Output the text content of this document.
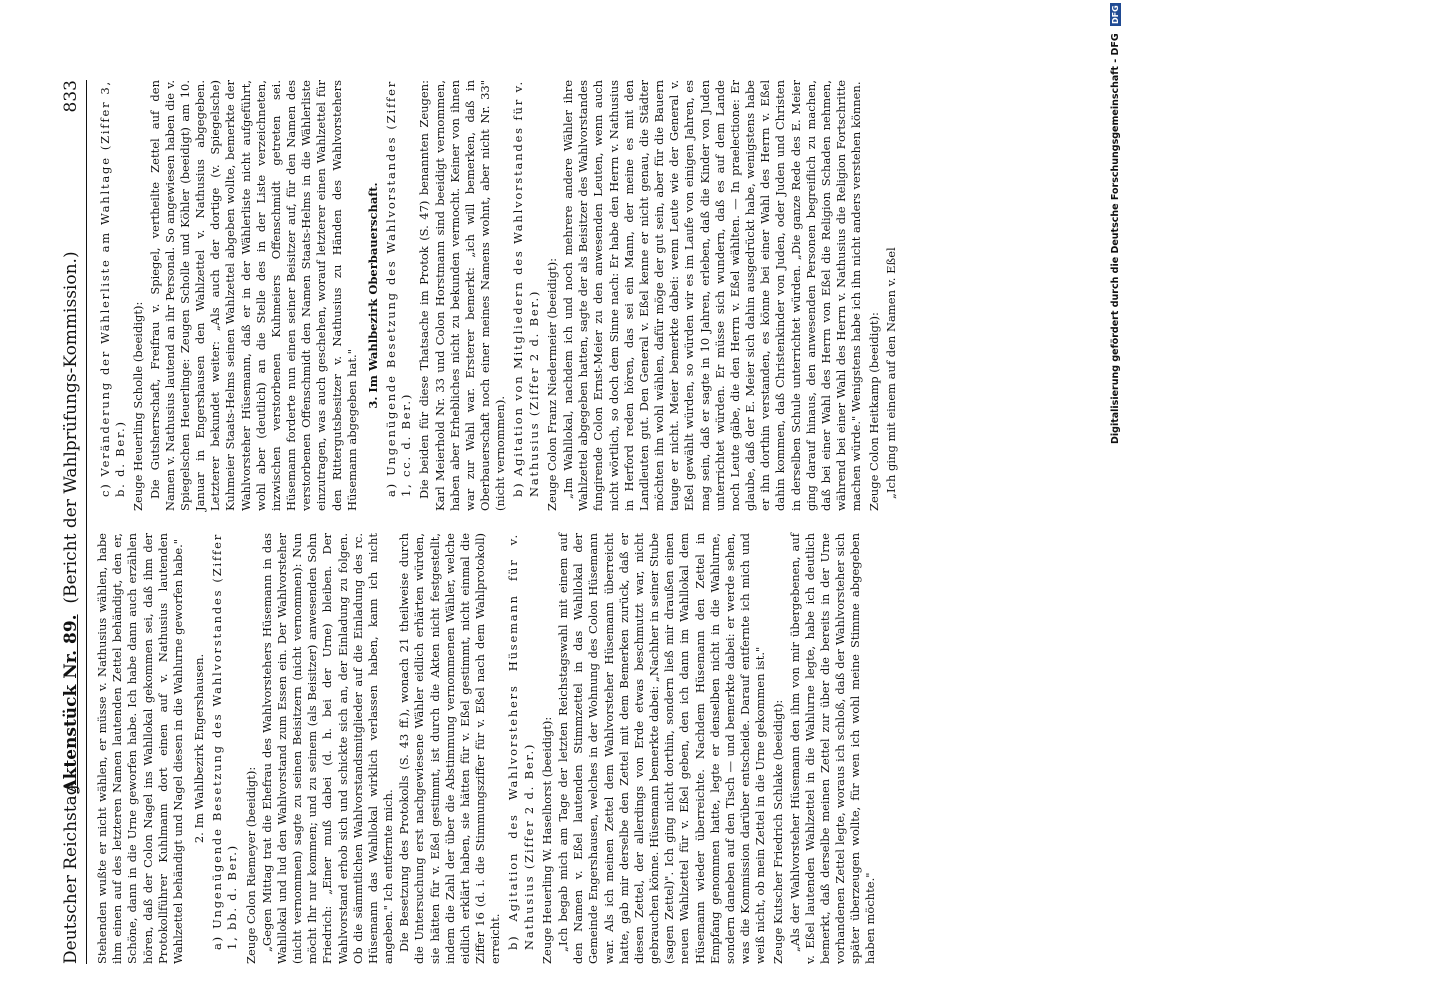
Deutscher Reichstag.
Aktenstück Nr. 89.  (Bericht der Wahlprüfungs-Kommission.)
833

Stehenden wußte er nicht wählen, er müsse v. Nathusius wählen, habe ihm einen auf des letzteren Namen lautenden Zettel behändigt, den er, Schöne, dann in die Urne geworfen habe. Ich habe dann auch erzählen hören, daß der Colon Nagel ins Wahllokal gekommen sei, daß ihm der Protokollführer Kuhlmann dort einen auf v. Nathusius lautenden Wahlzettel behändigt und Nagel diesen in die Wahlurne geworfen habe." 2. Im Wahlbezirk Engershausen. a) Ungenügende Besetzung des Wahlvorstandes (Ziffer 1, bb. d. Ber.) Zeuge Colon Riemeyer (beeidigt): „Gegen Mittag trat die Ehefrau des Wahlvorstehers Hüsemann in das Wahllokal und lud den Wahlvorstand zum Essen ein. Der Wahlvorsteher (nicht vernommen) sagte zu seinen Beisitzern (nicht vernommen): Nun möcht Ihr nur kommen; und zu seinem (als Beisitzer) anwesenden Sohn Friedrich: „Einer muß dabei (d. h. bei der Urne) bleiben. Der Wahlvorstand erhob sich und schickte sich an, der Einladung zu folgen. Ob die sämmtlichen Wahlvorstandsmitglieder auf die Einladung des rc. Hüsemann das Wahllokal wirklich verlassen haben, kann ich nicht angeben." Ich entfernte mich. Die Besetzung des Protokolls (S. 43 ff.), wonach 21 theilweise durch die Untersuchung erst nachgewiesene Wähler eidlich erhärten würden, sie hätten für v. Eßel gestimmt, ist durch die Akten nicht festgestellt, indem die Zahl der über die Abstimmung vernommenen Wähler, welche eidlich erklärt haben, sie hätten für v. Eßel gestimmt, nicht einmal die Ziffer 16 (d. i. die Stimmungsziffer für v. Eßel nach dem Wahlprotokoll) erreicht. b) Agitation des Wahlvorstehers Hüsemann für v. Nathusius (Ziffer 2 d. Ber.) Zeuge Heuerling W. Haselhorst (beeidigt): „Ich begab mich am Tage der letzten Reichstagswahl mit einem auf den Namen v. Eßel lautenden Stimmzettel in das Wahllokal der Gemeinde Engershausen, welches in der Wohnung des Colon Hüsemann war. Als ich meinen Zettel dem Wahlvorsteher Hüsemann überreicht hatte, gab mir derselbe den Zettel mit dem Bemerken zurück, daß er diesen Zettel, der allerdings von Erde etwas beschmutzt war, nicht gebrauchen könne. Hüsemann bemerkte dabei: „Nachher in seiner Stube (sagen Zettel)". Ich ging nicht dorthin, sondern ließ mir draußen einen neuen Wahlzettel für v. Eßel geben, den ich dann im Wahllokal dem Hüsemann wieder überreichte. Nachdem Hüsemann den Zettel in Empfang genommen hatte, legte er denselben nicht in die Wahlurne, sondern daneben auf den Tisch — und bemerkte dabei: er werde sehen, was die Kommission darüber entscheide. Darauf entfernte ich mich und weiß nicht, ob mein Zettel in die Urne gekommen ist." Zeuge Kutscher Friedrich Schlake (beeidigt): „Als der Wahlvorsteher Hüsemann den ihm von mir übergebenen, auf v. Eßel lautenden Wahlzettel in die Wahlurne legte, habe ich deutlich bemerkt, daß derselbe meinen Zettel zur über die bereits in der Urne vorhandenen Zettel legte, woraus ich schloß, daß der Wahlvorsteher sich später überzeugen wollte, für wen ich wohl meine Stimme abgegeben haben möchte."

c) Veränderung der Wählerliste am Wahltage (Ziffer 3, b. d. Ber.) Zeuge Heuerling Scholle (beeidigt): Die Gutsherrschaft, Freifrau v. Spiegel, vertheilte Zettel auf den Namen v. Nathusius lautend an ihr Personal. So angewiesen haben die v. Spiegelschen Heuerlinge: Zeugen Scholle und Köhler (beeidigt) am 10. Januar in Engershausen den Wahlzettel v. Nathusius abgegeben. Letzterer bekundet weiter: „Als auch der dortige (v. Spiegelsche) Kuhmeier Staats-Helms seinen Wahlzettel abgeben wollte, bemerkte der Wahlvorsteher Hüsemann, daß er in der Wählerliste nicht aufgeführt, wohl aber (deutlich) an die Stelle des in der Liste verzeichneten, inzwischen verstorbenen Kuhmeiers Offenschmidt getreten sei. Hüsemann forderte nun einen seiner Beisitzer auf, für den Namen des verstorbenen Offenschmidt den Namen Staats-Helms in die Wählerliste einzutragen, was auch geschehen, worauf letzterer einen Wahlzettel für den Rittergutsbesitzer v. Nathusius zu Händen des Wahlvorstehers Hüsemann abgegeben hat."

3. Im Wahlbezirk Oberbauerschaft. a) Ungenügende Besetzung des Wahlvorstandes (Ziffer 1, cc. d. Ber.) Die beiden für diese Thatsache im Protok (S. 47) benannten Zeugen: Karl Meierhold Nr. 33 und Colon Horstmann sind beeidigt vernommen, haben aber Erhebliches nicht zu bekunden vermocht. Keiner von ihnen war zur Wahl war. Ersterer bemerkt: „ich will bemerken, daß in Oberbauerschaft noch einer meines Namens wohnt, aber nicht Nr. 33" (nicht vernommen). b) Agitation von Mitgliedern des Wahlvorstandes für v. Nathusius (Ziffer 2 d. Ber.) Zeuge Colon Franz Niedermeier (beeidigt): „Im Wahllokal, nachdem ich und noch mehrere andere Wähler ihre Wahlzettel abgegeben hatten, sagte der als Beisitzer des Wahlvorstandes fungirende Colon Ernst-Meier zu den anwesenden Leuten, wenn auch nicht wörtlich, so doch dem Sinne nach: Er habe den Herrn v. Nathusius in Herford reden hören, das sei ein Mann, der meine es mit den Landleuten gut. Den General v. Eßel kenne er nicht genau, die Städter möchten ihn wohl wählen, dafür möge der gut sein, aber für die Bauern tauge er nicht. Meier bemerkte dabei: wenn Leute wie der General v. Eßel gewählt würden, so würden wir es im Laufe von einigen Jahren, es mag sein, daß er sagte in 10 Jahren, erleben, daß die Kinder von Juden unterrichtet würden. Er müsse sich wundern, daß es auf dem Lande noch Leute gäbe, die den Herrn v. Eßel wählten. — In praelectione: Er glaube, daß der E. Meier sich dahin ausgedrückt habe, wenigstens habe er ihn dorthin verstanden, es könne bei einer Wahl des Herrn v. Eßel dahin kommen, daß Christenkinder von Juden, oder Juden und Christen in derselben Schule unterrichtet würden. „Die ganze Rede des E. Meier ging darauf hinaus, den anwesenden Personen begreiflich zu machen, daß bei einer Wahl des Herrn von Eßel die Religion Schaden nehmen, während bei einer Wahl des Herrn v. Nathusius die Religion Fortschritte machen würde." Wenigstens habe ich ihn nicht anders verstehen können. Zeuge Colon Heitkamp (beeidigt): „Ich ging mit einem auf den Namen v. Eßel	Digitalisierung gefördert durch die Deutsche Forschungsgemeinschaft - DFG DFG
